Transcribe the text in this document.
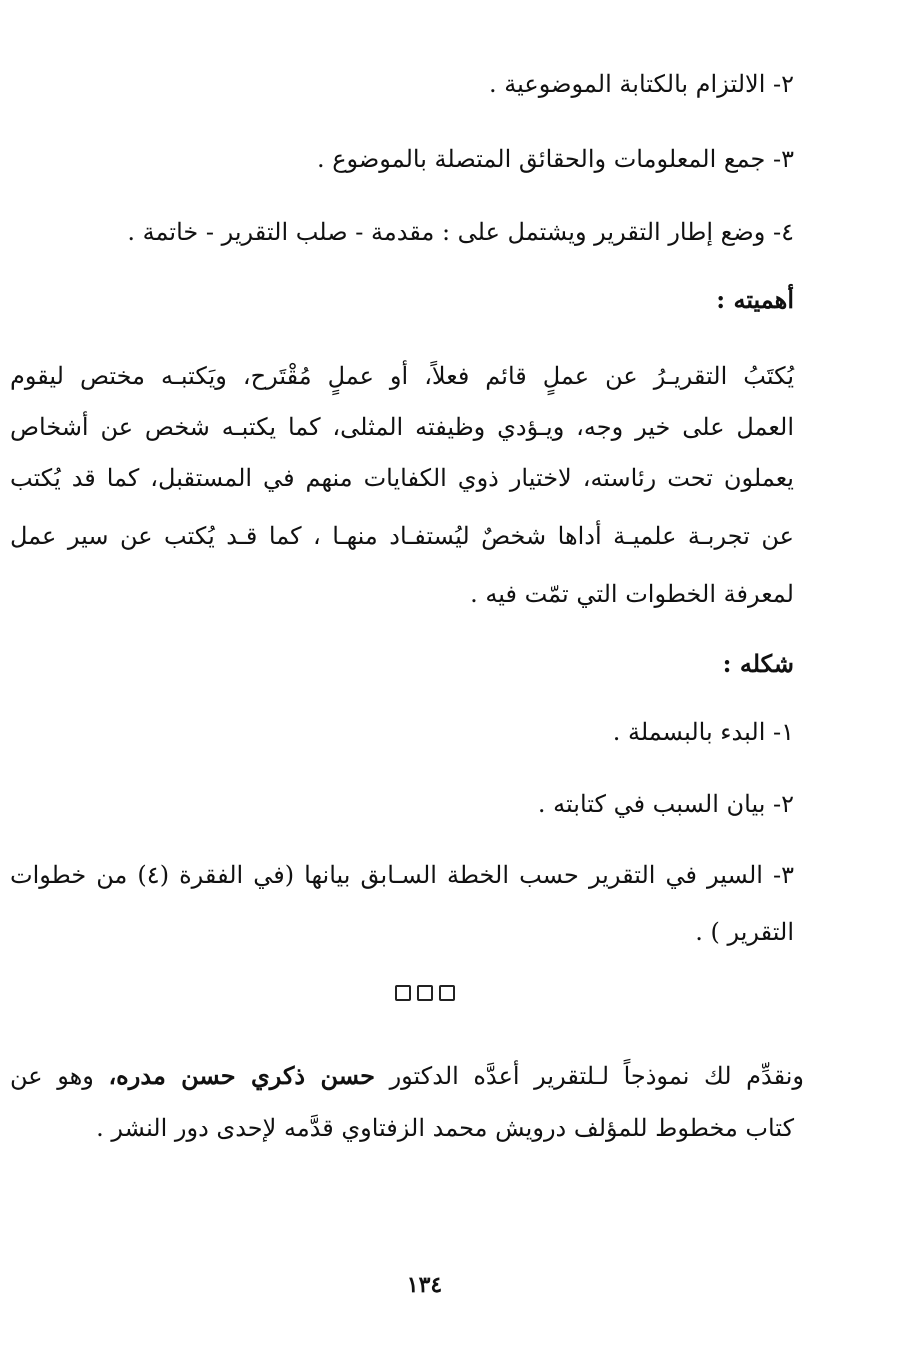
٢- الالتزام بالكتابة الموضوعية .
٣- جمع المعلومات والحقائق المتصلة بالموضوع .
٤- وضع إطار التقرير ويشتمل على : مقدمة - صلب التقرير - خاتمة .
أهميته :
يُكتَبُ التقريـرُ عن عملٍ قائم فعلاً، أو عملٍ مُقْتَرح، ويَكتبـه مختص ليقوم
العمل على خير وجه، ويـؤدي وظيفته المثلى، كما يكتبـه شخص عن أشخاص
يعملون تحت رئاسته، لاختيار ذوي الكفايات منهم في المستقبل، كما قد يُكتب
عن تجربـة علميـة أداها شخصٌ ليُستفـاد منهـا ، كما قـد يُكتب عن سير عمل
لمعرفة الخطوات التي تمّت فيه .
شكله :
١- البدء بالبسملة .
٢- بيان السبب في كتابته .
٣- السير في التقرير حسب الخطة السـابق بيانها (في الفقرة (٤) من خطوات
التقرير ) .
ونقدِّم لك نموذجاً لـلتقرير أعدَّه الدكتور حسن ذكري حسن مدره، وهو عن
كتاب مخطوط للمؤلف درويش محمد الزفتاوي قدَّمه لإحدى دور النشر .
١٣٤
